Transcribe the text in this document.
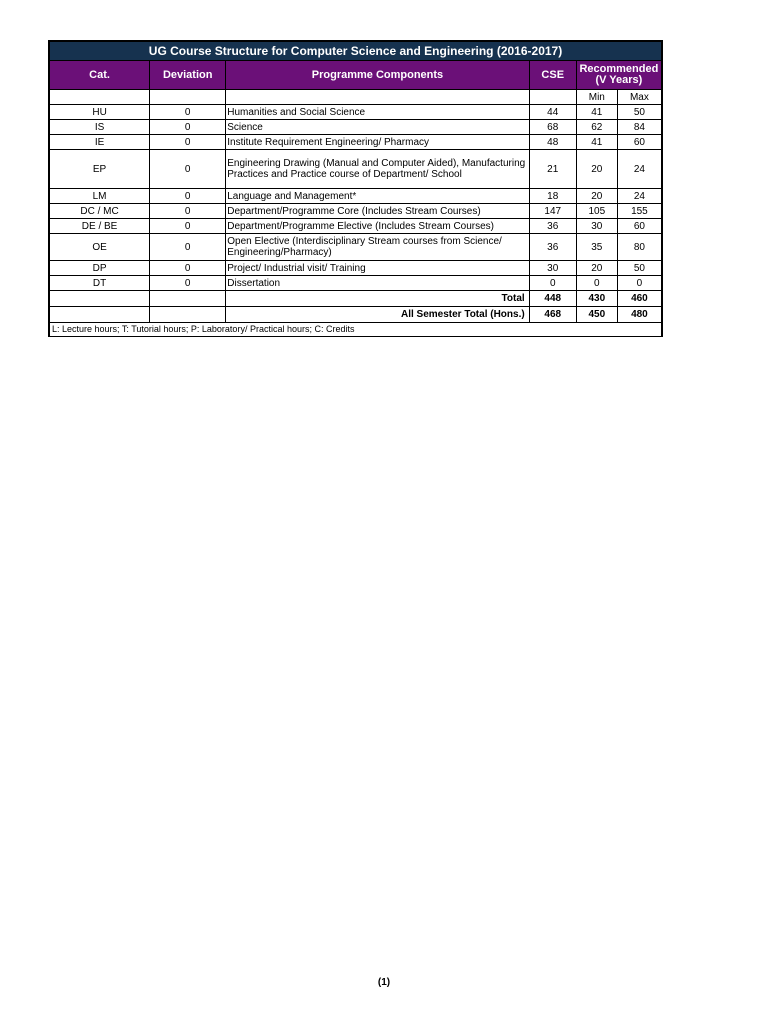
UG Course Structure for Computer Science and Engineering (2016-2017)					
Cat.	Deviation	Programme Components	CSE	Recommended (V Years)	

				Min	Max
HU	0	Humanities and Social Science	44	41	50
IS	0	Science	68	62	84
IE	0	Institute Requirement Engineering/ Pharmacy	48	41	60
EP	0	Engineering Drawing (Manual and Computer Aided), Manufacturing Practices and Practice course of Department/ School	21	20	24
LM	0	Language and Management*	18	20	24
DC / MC	0	Department/Programme Core (Includes Stream Courses)	147	105	155
DE / BE	0	Department/Programme Elective (Includes Stream Courses)	36	30	60
OE	0	Open Elective (Interdisciplinary Stream courses from Science/ Engineering/Pharmacy)	36	35	80
DP	0	Project/ Industrial visit/ Training	30	20	50
DT	0	Dissertation	0	0	0
		Total	448	430	460
		All Semester Total (Hons.)	468	450	480
L: Lecture hours; T: Tutorial hours; P: Laboratory/ Practical hours; C: Credits					
(1)
